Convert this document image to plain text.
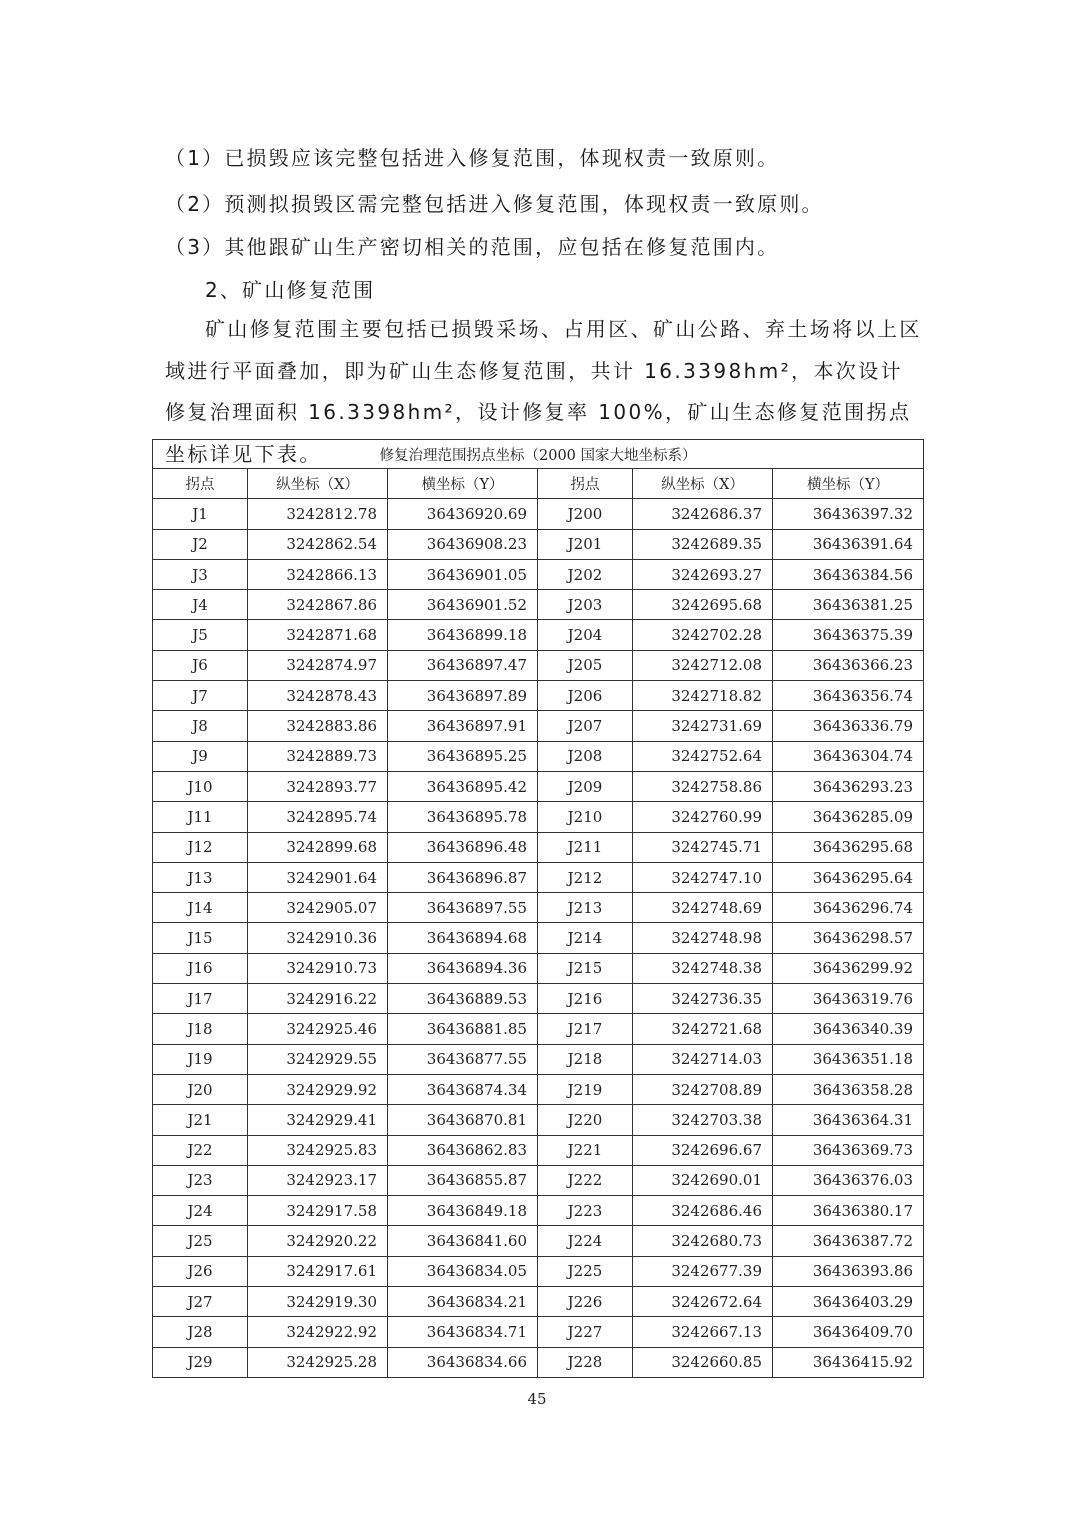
（1）已损毁应该完整包括进入修复范围，体现权责一致原则。
（2）预测拟损毁区需完整包括进入修复范围，体现权责一致原则。
（3）其他跟矿山生产密切相关的范围，应包括在修复范围内。
2、矿山修复范围
矿山修复范围主要包括已损毁采场、占用区、矿山公路、弃土场将以上区域进行平面叠加，即为矿山生态修复范围，共计 16.3398hm²，本次设计修复治理面积 16.3398hm²，设计修复率 100%，矿山生态修复范围拐点坐标详见下表。	修复治理范围拐点坐标（2000 国家大地坐标系）					
拐点	纵坐标（X）	横坐标（Y）	拐点	纵坐标（X）	横坐标（Y）
J1	3242812.78	36436920.69	J200	3242686.37	36436397.32
J2	3242862.54	36436908.23	J201	3242689.35	36436391.64
J3	3242866.13	36436901.05	J202	3242693.27	36436384.56
J4	3242867.86	36436901.52	J203	3242695.68	36436381.25
J5	3242871.68	36436899.18	J204	3242702.28	36436375.39
J6	3242874.97	36436897.47	J205	3242712.08	36436366.23
J7	3242878.43	36436897.89	J206	3242718.82	36436356.74
J8	3242883.86	36436897.91	J207	3242731.69	36436336.79
J9	3242889.73	36436895.25	J208	3242752.64	36436304.74
J10	3242893.77	36436895.42	J209	3242758.86	36436293.23
J11	3242895.74	36436895.78	J210	3242760.99	36436285.09
J12	3242899.68	36436896.48	J211	3242745.71	36436295.68
J13	3242901.64	36436896.87	J212	3242747.10	36436295.64
J14	3242905.07	36436897.55	J213	3242748.69	36436296.74
J15	3242910.36	36436894.68	J214	3242748.98	36436298.57
J16	3242910.73	36436894.36	J215	3242748.38	36436299.92
J17	3242916.22	36436889.53	J216	3242736.35	36436319.76
J18	3242925.46	36436881.85	J217	3242721.68	36436340.39
J19	3242929.55	36436877.55	J218	3242714.03	36436351.18
J20	3242929.92	36436874.34	J219	3242708.89	36436358.28
J21	3242929.41	36436870.81	J220	3242703.38	36436364.31
J22	3242925.83	36436862.83	J221	3242696.67	36436369.73
J23	3242923.17	36436855.87	J222	3242690.01	36436376.03
J24	3242917.58	36436849.18	J223	3242686.46	36436380.17
J25	3242920.22	36436841.60	J224	3242680.73	36436387.72
J26	3242917.61	36436834.05	J225	3242677.39	36436393.86
J27	3242919.30	36436834.21	J226	3242672.64	36436403.29
J28	3242922.92	36436834.71	J227	3242667.13	36436409.70
J29	3242925.28	36436834.66	J228	3242660.85	36436415.92
45
